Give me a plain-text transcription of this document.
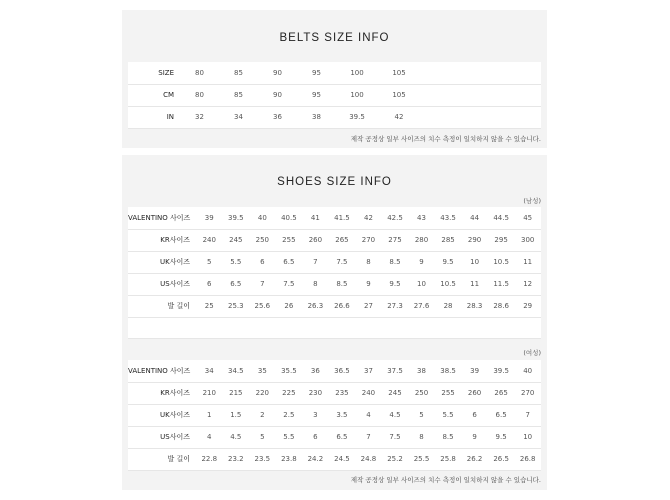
BELTS SIZE INFO
SIZE	80	85	90	95	100	105	
CM	80	85	90	95	100	105	
IN	32	34	36	38	39.5	42	
제작 공정상 일부 사이즈의 치수 측정이 일치하지 않을 수 있습니다.
SHOES SIZE INFO
(남성)
VALENTINO 사이즈	39	39.5	40	40.5	41	41.5	42	42.5	43	43.5	44	44.5	45
KR사이즈	240	245	250	255	260	265	270	275	280	285	290	295	300
UK사이즈	5	5.5	6	6.5	7	7.5	8	8.5	9	9.5	10	10.5	11
US사이즈	6	6.5	7	7.5	8	8.5	9	9.5	10	10.5	11	11.5	12
발 길이	25	25.3	25.6	26	26.3	26.6	27	27.3	27.6	28	28.3	28.6	29
(여성)
VALENTINO 사이즈	34	34.5	35	35.5	36	36.5	37	37.5	38	38.5	39	39.5	40
KR사이즈	210	215	220	225	230	235	240	245	250	255	260	265	270
UK사이즈	1	1.5	2	2.5	3	3.5	4	4.5	5	5.5	6	6.5	7
US사이즈	4	4.5	5	5.5	6	6.5	7	7.5	8	8.5	9	9.5	10
발 길이	22.8	23.2	23.5	23.8	24.2	24.5	24.8	25.2	25.5	25.8	26.2	26.5	26.8
제작 공정상 일부 사이즈의 치수 측정이 일치하지 않을 수 있습니다.
